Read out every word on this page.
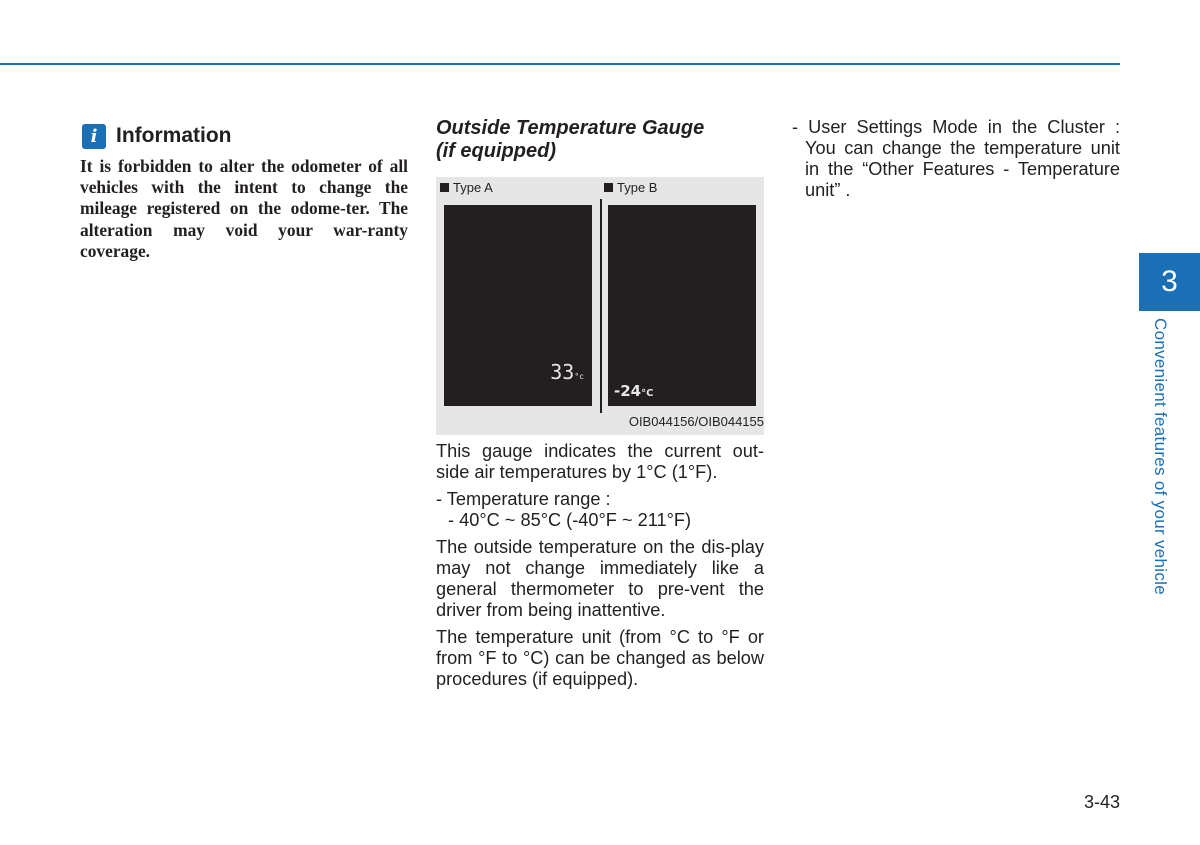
i Information
It is forbidden to alter the odometer of all vehicles with the intent to change the mileage registered on the odome-ter. The alteration may void your war-ranty coverage.

Outside Temperature Gauge
(if equipped)

Type A	Type B
33°c
-24°C
OIB044156/OIB044155

This gauge indicates the current out-side air temperatures by 1°C (1°F).

- Temperature range :

- 40°C ~ 85°C (-40°F ~ 211°F)

The outside temperature on the dis-play may not change immediately like a general thermometer to pre-vent the driver from being inattentive.

The temperature unit (from °C to °F or from °F to °C) can be changed as below procedures (if equipped).

- User Settings Mode in the Cluster : You can change the temperature unit in the “Other Features - Temperature unit” .

3
Convenient features of your vehicle
3-43
